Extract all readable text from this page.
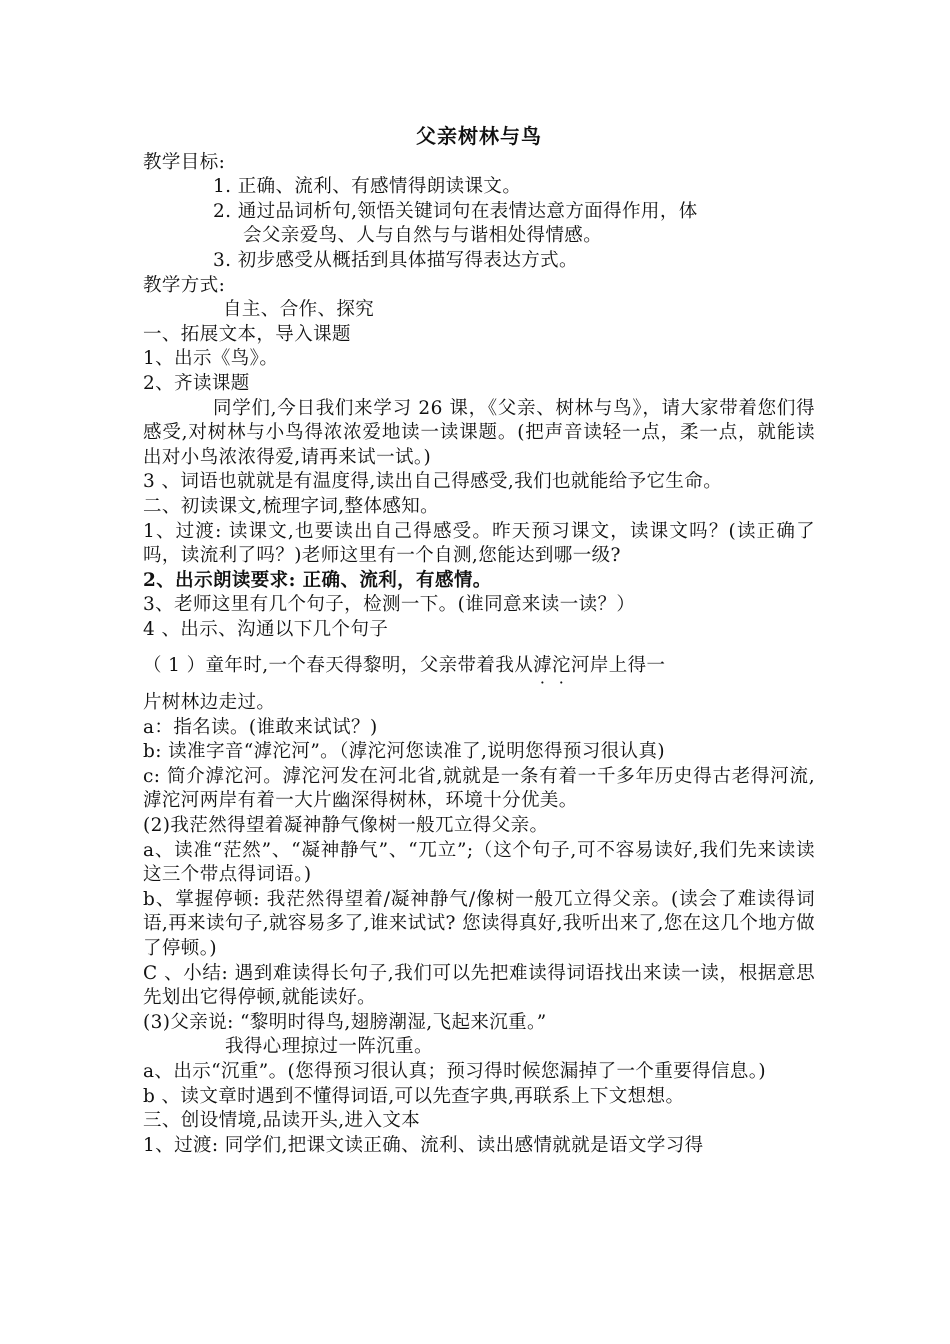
父亲树林与鸟
教学目标:
1. 正确、流利、有感情得朗读课文。
2. 通过品词析句,领悟关键词句在表情达意方面得作用，体
会父亲爱鸟、人与自然与与谐相处得情感。
3. 初步感受从概括到具体描写得表达方式。
教学方式:
自主、合作、探究
一、拓展文本，导入课题
1、出示《鸟》。
2、齐读课题
同学们,今日我们来学习 26 课，《父亲、树林与鸟》，请大家带着您们得感受,对树林与小鸟得浓浓爱地读一读课题。(把声音读轻一点，柔一点，就能读出对小鸟浓浓得爱,请再来试一试。)
3 、词语也就就是有温度得,读出自己得感受,我们也就能给予它生命。
二、初读课文,梳理字词,整体感知。
1、过渡: 读课文,也要读出自己得感受。昨天预习课文，读课文吗？(读正确了吗，读流利了吗？)老师这里有一个自测,您能达到哪一级?
2、出示朗读要求: 正确、流利，有感情。
3、老师这里有几个句子，检测一下。(谁同意来读一读？）
4 、出示、沟通以下几个句子
（ 1 ）童年时,一个春天得黎明，父亲带着我从滹沱河岸上得一
片树林边走过。
a：指名读。(谁敢来试试？)
b: 读准字音“滹沱河”。（滹沱河您读准了,说明您得预习很认真)
c: 简介滹沱河。滹沱河发在河北省,就就是一条有着一千多年历史得古老得河流,滹沱河两岸有着一大片幽深得树林，环境十分优美。
(2)我茫然得望着凝神静气像树一般兀立得父亲。
a、读准“茫然”、“凝神静气”、“兀立”;（这个句子,可不容易读好,我们先来读读这三个带点得词语。)
b、掌握停顿: 我茫然得望着/凝神静气/像树一般兀立得父亲。(读会了难读得词语,再来读句子,就容易多了,谁来试试? 您读得真好,我听出来了,您在这几个地方做了停顿。)
C 、小结: 遇到难读得长句子,我们可以先把难读得词语找出来读一读，根据意思先划出它得停顿,就能读好。
(3)父亲说: “黎明时得鸟,翅膀潮湿,飞起来沉重。”
我得心理掠过一阵沉重。
a、出示“沉重”。(您得预习很认真；预习得时候您漏掉了一个重要得信息。)
b 、读文章时遇到不懂得词语,可以先查字典,再联系上下文想想。
三、创设情境,品读开头,进入文本
1、过渡: 同学们,把课文读正确、流利、读出感情就就是语文学习得
